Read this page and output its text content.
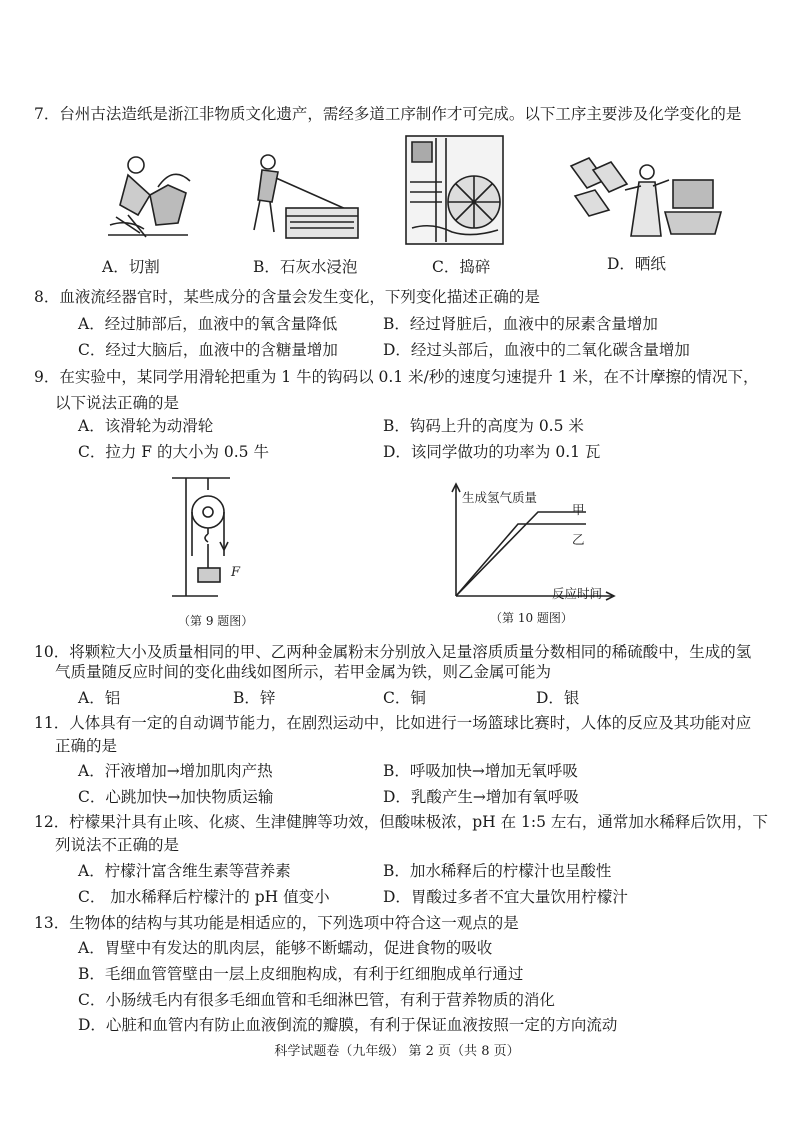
7．台州古法造纸是浙江非物质文化遗产，需经多道工序制作才可完成。以下工序主要涉及化学变化的是
A．切割	B．石灰水浸泡	C．捣碎	D．晒纸
8．血液流经器官时，某些成分的含量会发生变化，下列变化描述正确的是
A．经过肺部后，血液中的氧含量降低	B．经过肾脏后，血液中的尿素含量增加
C．经过大脑后，血液中的含糖量增加	D．经过头部后，血液中的二氧化碳含量增加
9．在实验中，某同学用滑轮把重为 1 牛的钩码以 0.1 米/秒的速度匀速提升 1 米，在不计摩擦的情况下，
以下说法正确的是
A．该滑轮为动滑轮	B．钩码上升的高度为 0.5 米
C．拉力 F 的大小为 0.5 牛	D．该同学做功的功率为 0.1 瓦
F
（第 9 题图）
生成氢气质量
反应时间
甲
乙
（第 10 题图）
10．将颗粒大小及质量相同的甲、乙两种金属粉末分别放入足量溶质质量分数相同的稀硫酸中，生成的氢
气质量随反应时间的变化曲线如图所示，若甲金属为铁，则乙金属可能为
A．铝	B．锌	C．铜	D．银
11．人体具有一定的自动调节能力，在剧烈运动中，比如进行一场篮球比赛时，人体的反应及其功能对应
正确的是
A．汗液增加→增加肌肉产热	B．呼吸加快→增加无氧呼吸
C．心跳加快→加快物质运输	D．乳酸产生→增加有氧呼吸
12．柠檬果汁具有止咳、化痰、生津健脾等功效，但酸味极浓，pH 在 1:5 左右，通常加水稀释后饮用，下
列说法不正确的是
A．柠檬汁富含维生素等营养素	B．加水稀释后的柠檬汁也呈酸性
C． 加水稀释后柠檬汁的 pH 值变小	D．胃酸过多者不宜大量饮用柠檬汁
13．生物体的结构与其功能是相适应的，下列选项中符合这一观点的是
A．胃壁中有发达的肌肉层，能够不断蠕动，促进食物的吸收
B．毛细血管管壁由一层上皮细胞构成，有利于红细胞成单行通过
C．小肠绒毛内有很多毛细血管和毛细淋巴管，有利于营养物质的消化
D．心脏和血管内有防止血液倒流的瓣膜，有利于保证血液按照一定的方向流动
科学试题卷（九年级） 第 2 页（共 8 页）
